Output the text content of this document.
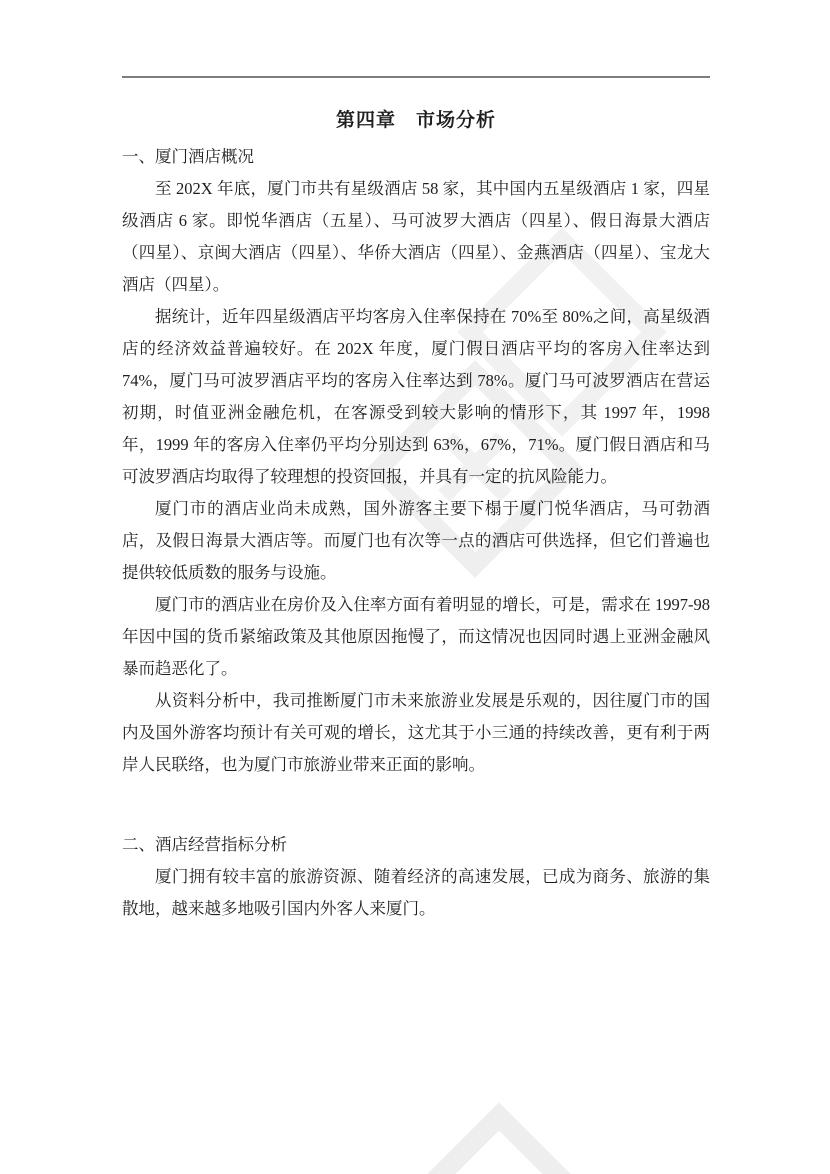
第四章　市场分析
一、厦门酒店概况

至 202X 年底，厦门市共有星级酒店 58 家，其中国内五星级酒店 1 家，四星级酒店 6 家。即悦华酒店（五星）、马可波罗大酒店（四星）、假日海景大酒店（四星）、京闽大酒店（四星）、华侨大酒店（四星）、金燕酒店（四星）、宝龙大酒店（四星）。

据统计，近年四星级酒店平均客房入住率保持在 70%至 80%之间，高星级酒店的经济效益普遍较好。在 202X 年度，厦门假日酒店平均的客房入住率达到 74%，厦门马可波罗酒店平均的客房入住率达到 78%。厦门马可波罗酒店在营运初期，时值亚洲金融危机，在客源受到较大影响的情形下，其 1997 年，1998 年，1999 年的客房入住率仍平均分别达到 63%，67%，71%。厦门假日酒店和马可波罗酒店均取得了较理想的投资回报，并具有一定的抗风险能力。

厦门市的酒店业尚未成熟，国外游客主要下榻于厦门悦华酒店，马可勃酒店，及假日海景大酒店等。而厦门也有次等一点的酒店可供选择，但它们普遍也提供较低质数的服务与设施。

厦门市的酒店业在房价及入住率方面有着明显的增长，可是，需求在 1997-98 年因中国的货币紧缩政策及其他原因拖慢了，而这情况也因同时遇上亚洲金融风暴而趋恶化了。

从资料分析中，我司推断厦门市未来旅游业发展是乐观的，因往厦门市的国内及国外游客均预计有关可观的增长，这尤其于小三通的持续改善，更有利于两岸人民联络，也为厦门市旅游业带来正面的影响。

二、酒店经营指标分析

厦门拥有较丰富的旅游资源、随着经济的高速发展，已成为商务、旅游的集散地，越来越多地吸引国内外客人来厦门。
